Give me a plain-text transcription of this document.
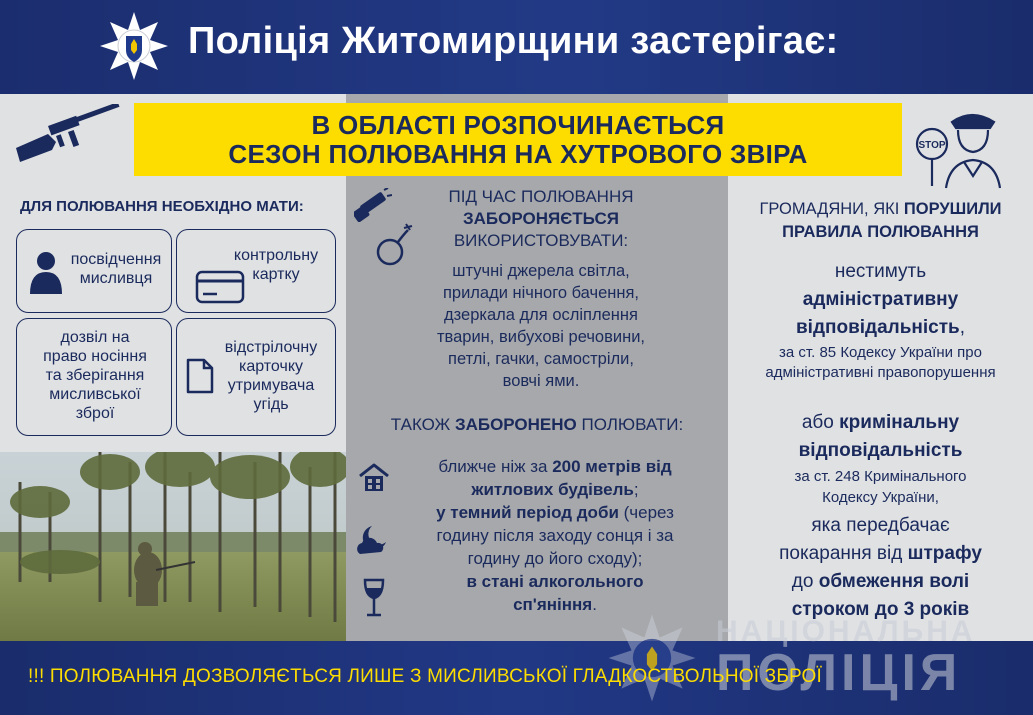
Поліція Житомирщини застерігає:
В ОБЛАСТІ РОЗПОЧИНАЄТЬСЯ
СЕЗОН ПОЛЮВАННЯ НА ХУТРОВОГО ЗВІРА	STOP
ДЛЯ ПОЛЮВАННЯ НЕОБХІДНО МАТИ:
посвідчення
мисливця
контрольну
картку
дозвіл на
право носіння
та зберігання
мисливської
зброї
відстрілочну
карточку
утримувача
угідь
ПІД ЧАС ПОЛЮВАННЯ
ЗАБОРОНЯЄТЬСЯ
ВИКОРИСТОВУВАТИ:
штучні джерела світла,
прилади нічного бачення,
дзеркала для осліплення
тварин, вибухові речовини,
петлі, гачки, самостріли,
вовчі ями.
ТАКОЖ ЗАБОРОНЕНО ПОЛЮВАТИ:
ближче ніж за 200 метрів від
житлових будівель;
у темний період доби (через
годину після заходу сонця і за
годину до його сходу);
в стані алкогольного
сп'яніння.
ГРОМАДЯНИ, ЯКІ ПОРУШИЛИ
ПРАВИЛА ПОЛЮВАННЯ
нестимуть
адміністративну
відповідальність,
за ст. 85 Кодексу України про
адміністративні правопорушення
або кримінальну
відповідальність
за ст. 248 Кримінального
Кодексу України,
яка передбачає
покарання від штрафу
до обмеження волі
строком до 3 років
НАЦІОНАЛЬНА
ПОЛІЦІЯ
!!! ПОЛЮВАННЯ ДОЗВОЛЯЄТЬСЯ ЛИШЕ З МИСЛИВСЬКОЇ ГЛАДКОСТВОЛЬНОЇ ЗБРОЇ
